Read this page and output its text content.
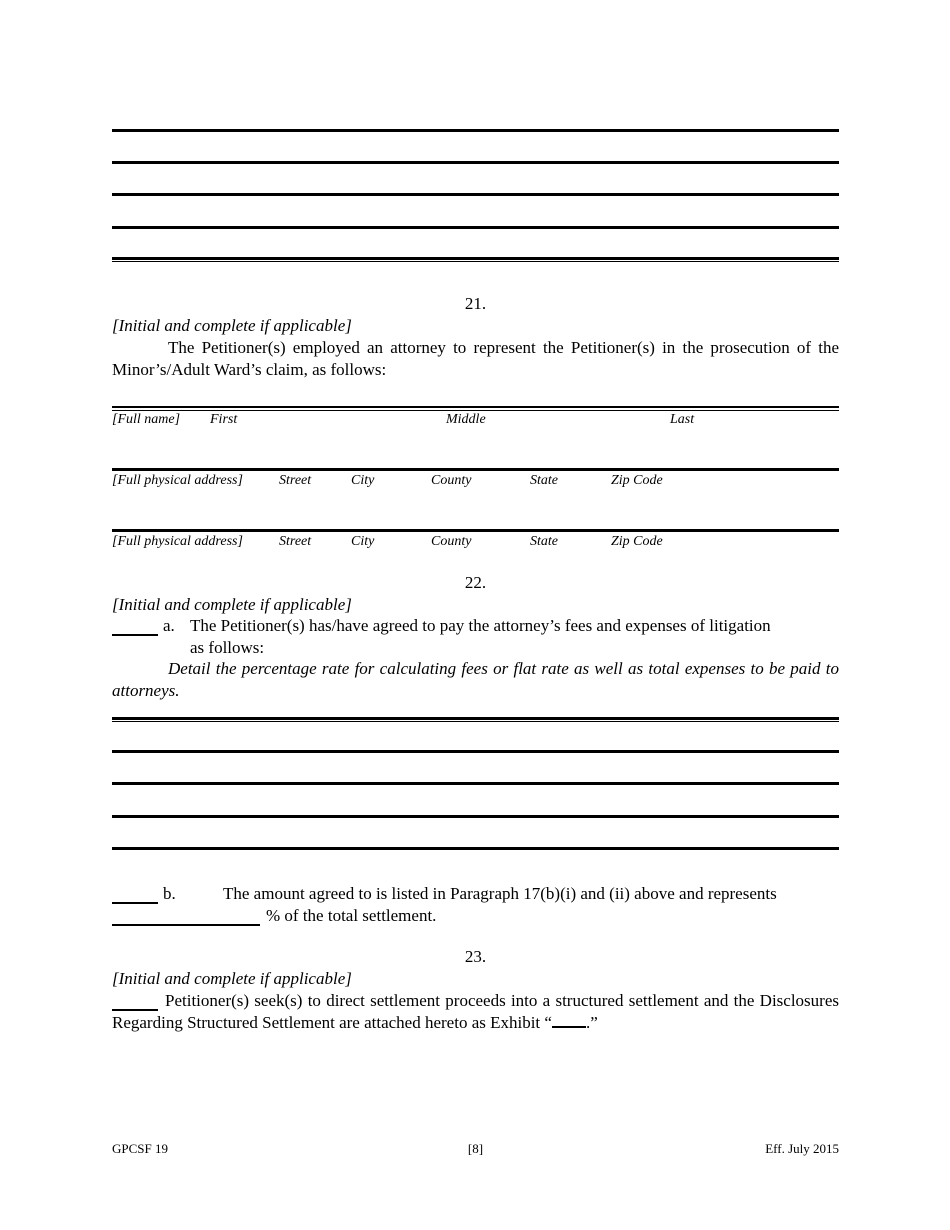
21.
[Initial and complete if applicable]
The Petitioner(s) employed an attorney to represent the Petitioner(s) in the prosecution of the Minor’s/Adult Ward’s claim, as follows:
[Full name] First	Middle	Last
[Full physical address]	Street	City	County	State	Zip Code
[Full physical address]	Street	City	County	State	Zip Code
22.
[Initial and complete if applicable]
a. The Petitioner(s) has/have agreed to pay the attorney’s fees and expenses of litigation
as follows:
Detail the percentage rate for calculating fees or flat rate as well as total expenses to be paid to attorneys.
b.	The amount agreed to is listed in Paragraph 17(b)(i) and (ii) above and represents
% of the total settlement.
23.
[Initial and complete if applicable]
Petitioner(s) seek(s) to direct settlement proceeds into a structured settlement and the Disclosures Regarding Structured Settlement are attached hereto as Exhibit “ .”
GPCSF 19	[8]	Eff. July 2015
